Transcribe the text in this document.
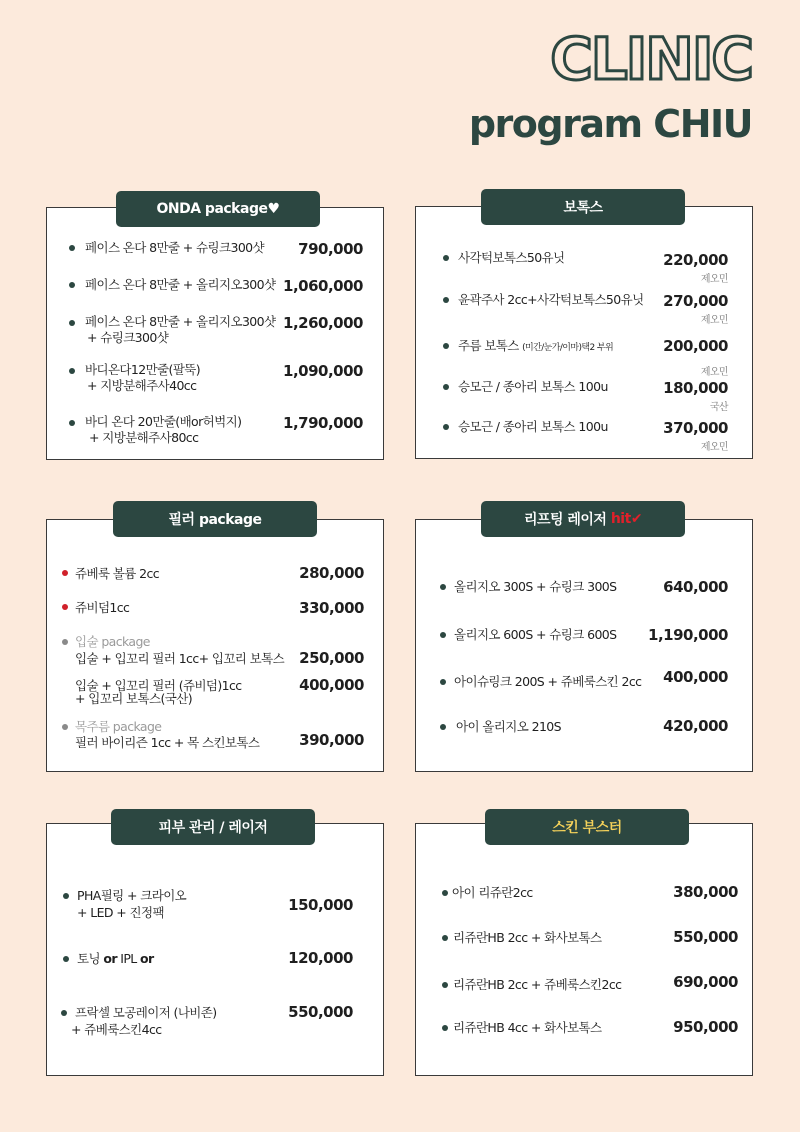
CLINIC
program CHIU
페이스 온다 8만줄 + 슈링크300샷 790,000
페이스 온다 8만줄 + 올리지오300샷 1,060,000
페이스 온다 8만줄 + 올리지오300샷
+ 슈링크300샷
1,260,000
바디온다12만줄(팔뚝)
+ 지방분해주사40cc
1,090,000
바디 온다 20만줄(배or허벅지)
+ 지방분해주사80cc
1,790,000
ONDA package ♥
사각턱보톡스50유닛	220,000
제오민
윤곽주사 2cc+사각턱보톡스50유닛 270,000
제오민
주름 보톡스 (미간/눈가/이마)택2 부위	200,000
제오민
승모근 / 종아리 보톡스 100u	180,000
국산
승모근 / 종아리 보톡스 100u	370,000
제오민
보톡스
쥬베룩 볼륨 2cc	280,000
쥬비덤1cc	330,000
입술 package
입술 + 입꼬리 필러 1cc+ 입꼬리 보톡스 250,000
입술 + 입꼬리 필러 (쥬비덤)1cc
+ 입꼬리 보톡스(국산)
400,000
목주름 package
필러 바이리즌 1cc + 목 스킨보톡스	390,000
필러 package
올리지오 300S + 슈링크 300S	640,000
올리지오 600S + 슈링크 600S 1,190,000
아이슈링크 200S + 쥬베룩스킨 2cc 400,000
아이 올리지오 210S	420,000
리프팅 레이저
hit ✔
PHA필링 + 크라이오
+ LED + 진정팩	150,000
토닝 or IPL or	120,000
프락셀 모공레이저 (나비존)
+ 쥬베룩스킨4cc
550,000
피부 관리 / 레이저
아이 리쥬란2cc	380,000
리쥬란HB 2cc + 화사보톡스	550,000
리쥬란HB 2cc + 쥬베룩스킨2cc	690,000
리쥬란HB 4cc + 화사보톡스	950,000
스킨 부스터
